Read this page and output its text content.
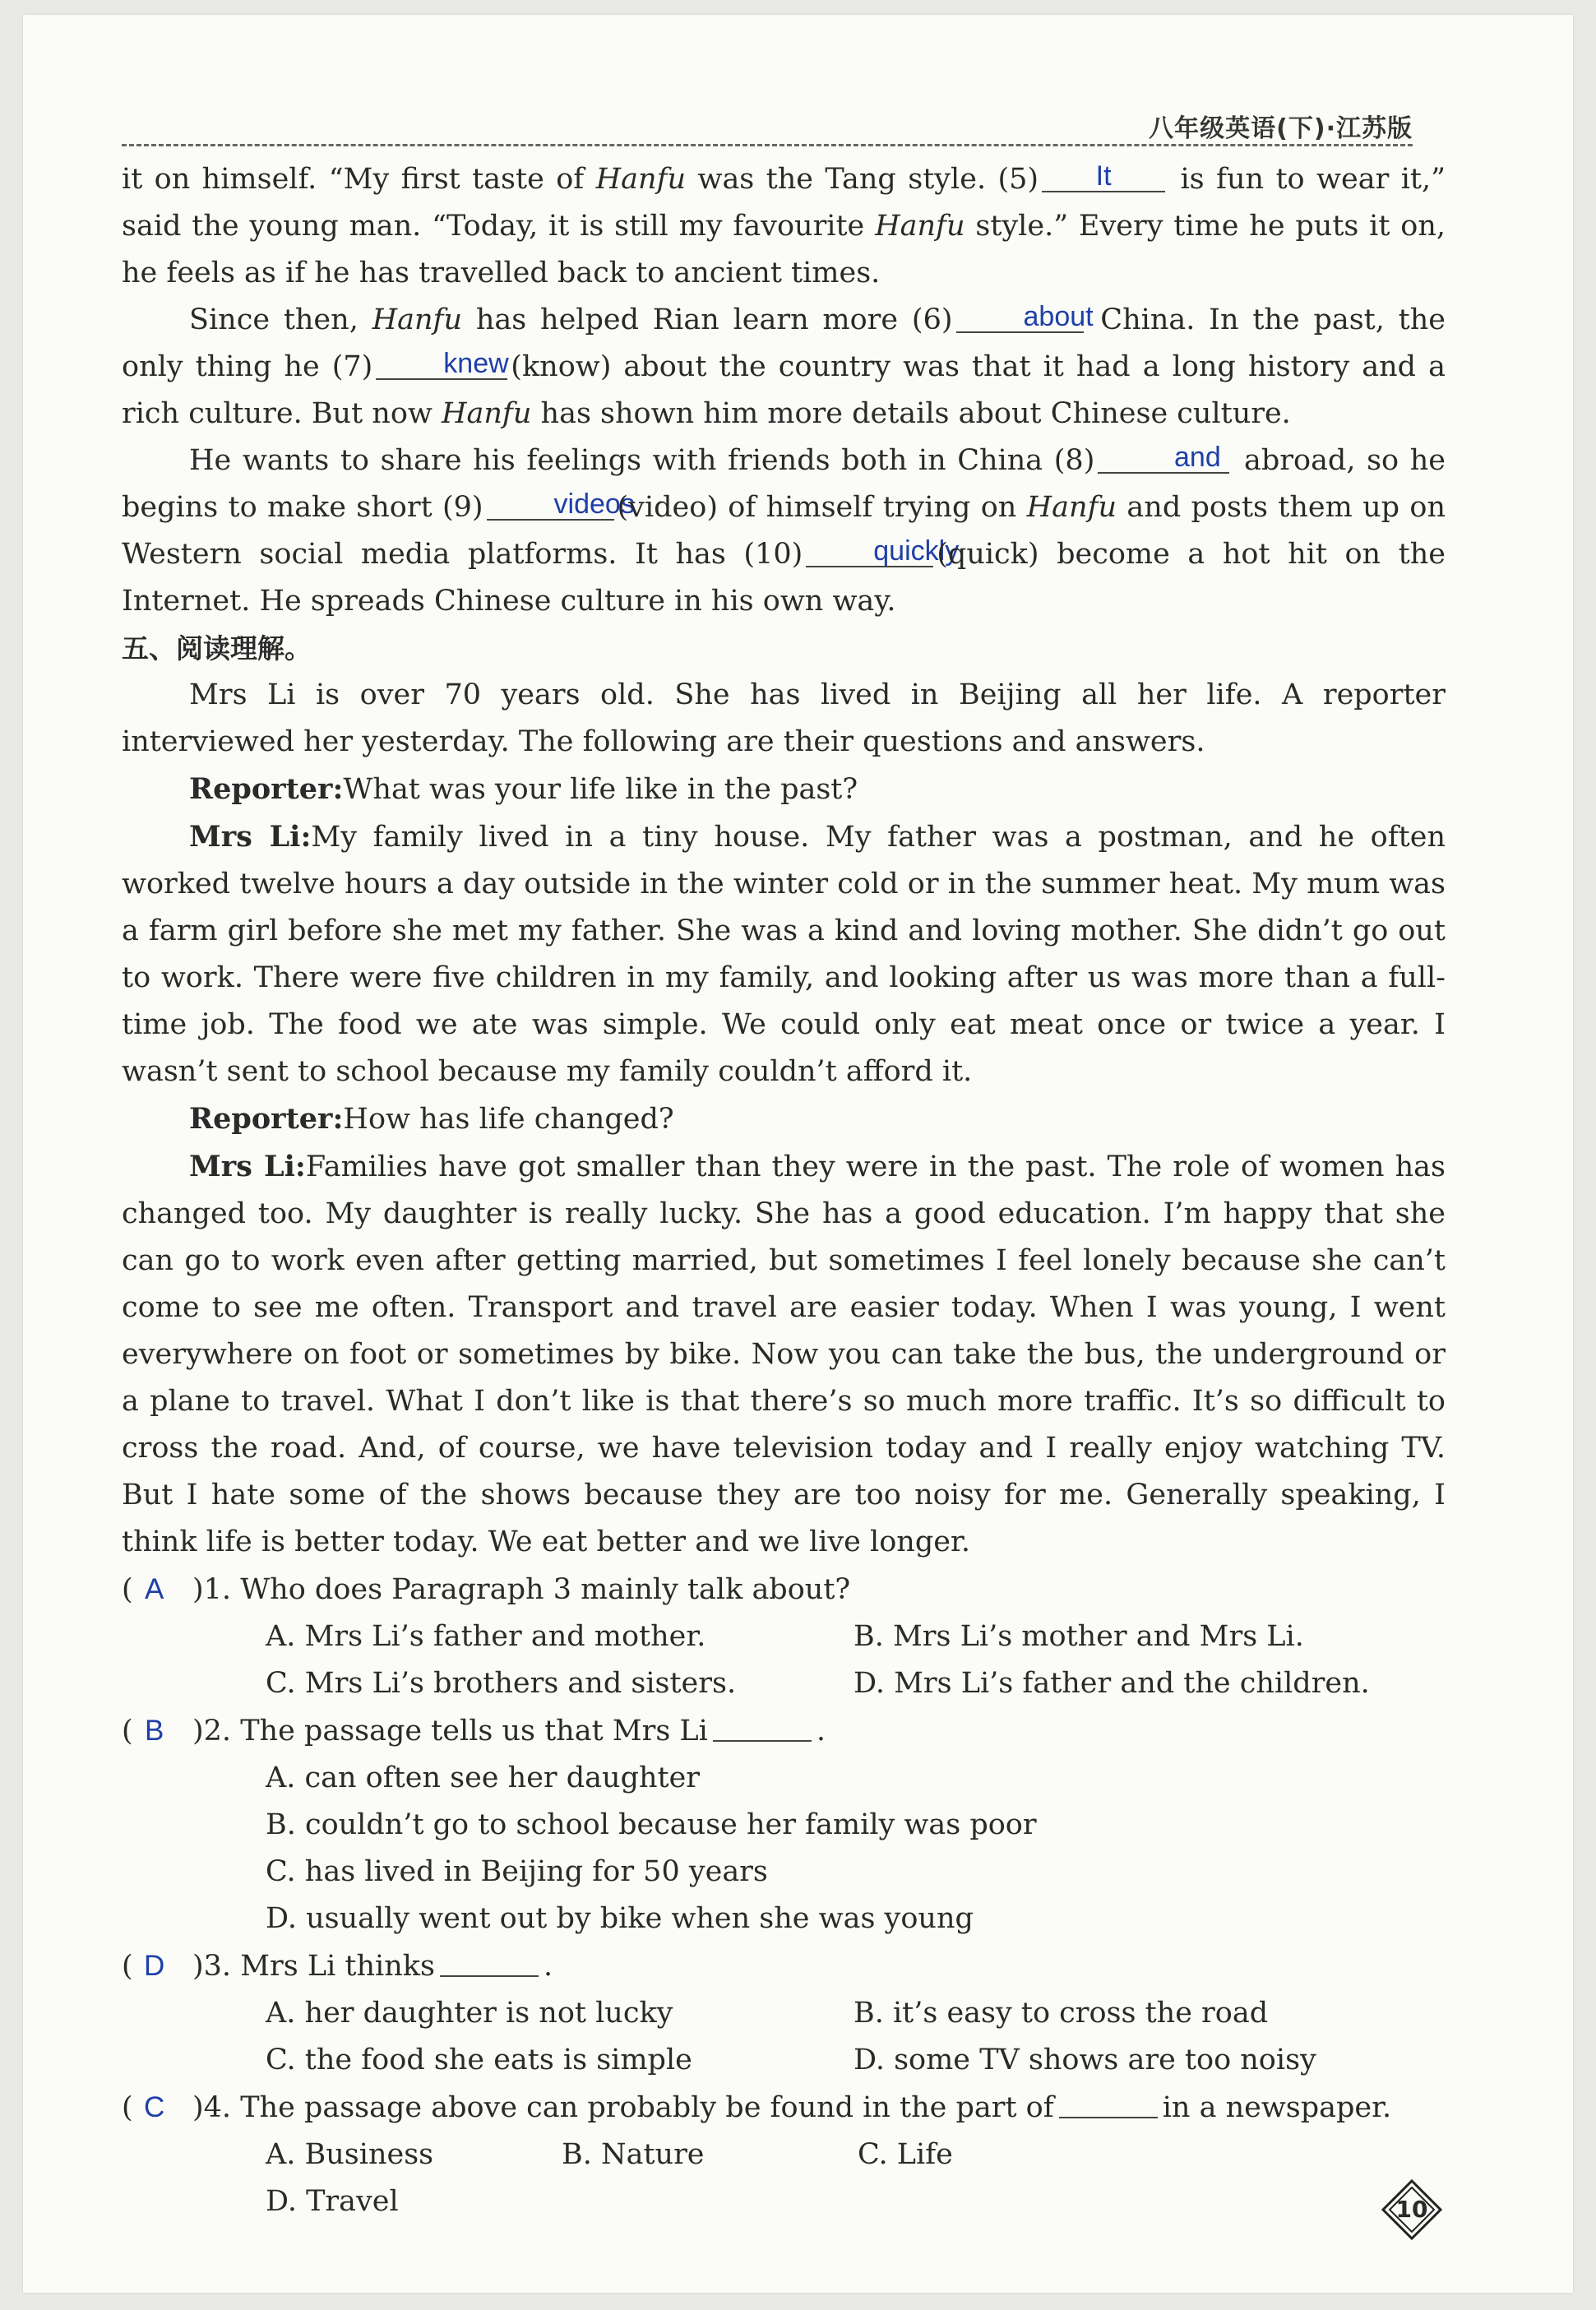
八年级英语(下)·江苏版

it on himself. “My first taste of Hanfu was the Tang style. (5) It is fun to wear it,” said the young man. “Today, it is still my favourite Hanfu style.” Every time he puts it on, he feels as if he has travelled back to ancient times.

Since then, Hanfu has helped Rian learn more (6)	about China. In the past, the only thing he (7)	knew(know) about the country was that it had a long history and a rich culture. But now Hanfu has shown him more details about Chinese culture.

He wants to share his feelings with friends both in China (8)	and abroad, so he begins to make short (9)	videos(video) of himself trying on Hanfu and posts them up on Western social media platforms. It has (10)	quickly(quick) become a hot hit on the Internet. He spreads Chinese culture in his own way.

五、阅读理解。

Mrs Li is over 70 years old. She has lived in Beijing all her life. A reporter interviewed her yesterday. The following are their questions and answers.

Reporter:What was your life like in the past?

Mrs Li:My family lived in a tiny house. My father was a postman, and he often worked twelve hours a day outside in the winter cold or in the summer heat. My mum was a farm girl before she met my father. She was a kind and loving mother. She didn’t go out to work. There were five children in my family, and looking after us was more than a full-time job. The food we ate was simple. We could only eat meat once or twice a year. I wasn’t sent to school because my family couldn’t afford it.

Reporter:How has life changed?

Mrs Li:Families have got smaller than they were in the past. The role of women has changed too. My daughter is really lucky. She has a good education. I’m happy that she can go to work even after getting married, but sometimes I feel lonely because she can’t come to see me often. Transport and travel are easier today. When I was young, I went everywhere on foot or sometimes by bike. Now you can take the bus, the underground or a plane to travel. What I don’t like is that there’s so much more traffic. It’s so difficult to cross the road. And, of course, we have television today and I really enjoy watching TV. But I hate some of the shows because they are too noisy for me. Generally speaking, I think life is better today. We eat better and we live longer.

( A )1. Who does Paragraph 3 mainly talk about?

A. Mrs Li’s father and mother.	B. Mrs Li’s mother and Mrs Li.
C. Mrs Li’s brothers and sisters.	D. Mrs Li’s father and the children.

( B )2. The passage tells us that Mrs Li	.

A. can often see her daughter
B. couldn’t go to school because her family was poor
C. has lived in Beijing for 50 years
D. usually went out by bike when she was young

( D )3. Mrs Li thinks	.

A. her daughter is not lucky	B. it’s easy to cross the road
C. the food she eats is simple	D. some TV shows are too noisy

( C )4. The passage above can probably be found in the part of	in a newspaper.

A. Business	B. Nature	C. Life
D. Travel	10
